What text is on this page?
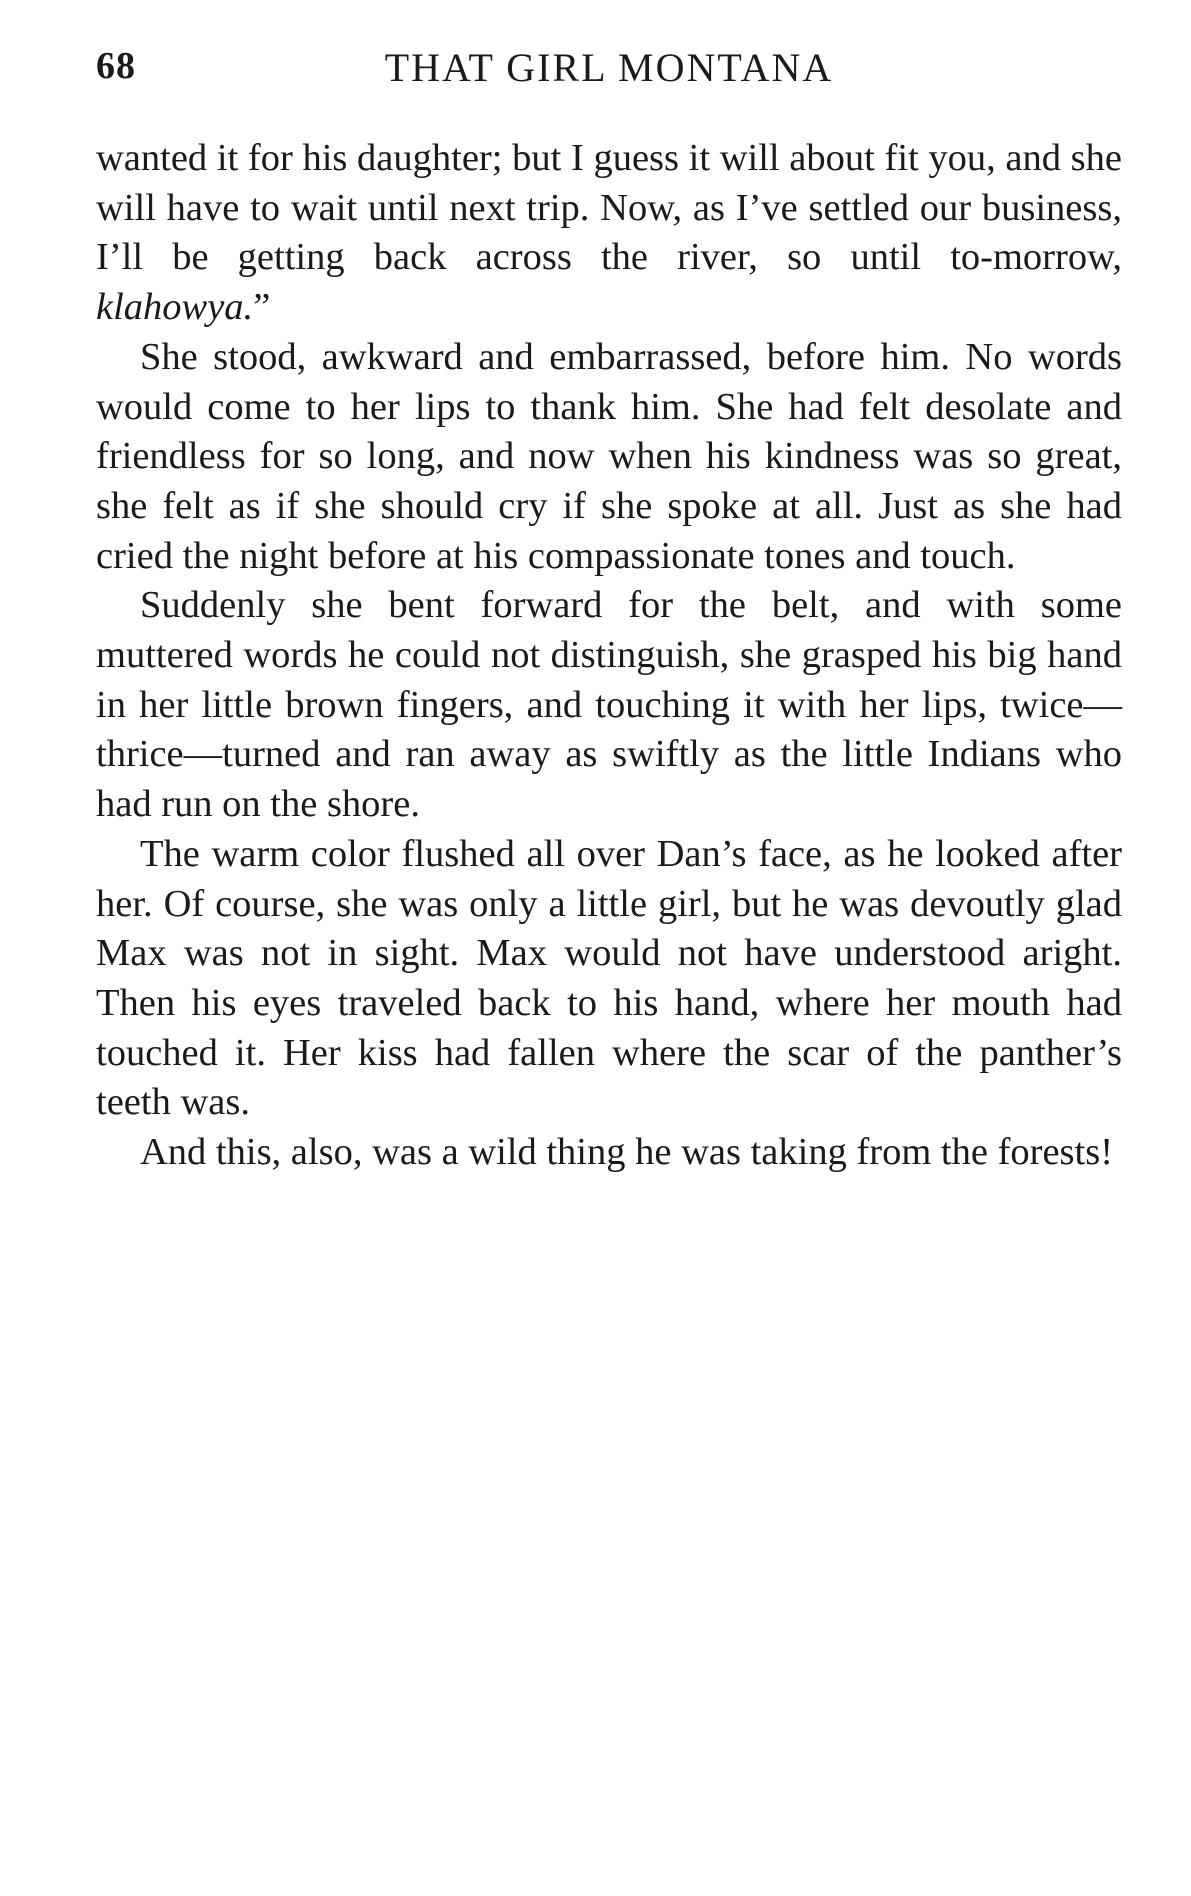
68	THAT GIRL MONTANA

wanted it for his daughter; but I guess it will about fit you, and she will have to wait until next trip. Now, as I’ve settled our business, I’ll be getting back across the river, so until to-morrow, klahowya.”

She stood, awkward and embarrassed, before him. No words would come to her lips to thank him. She had felt desolate and friendless for so long, and now when his kindness was so great, she felt as if she should cry if she spoke at all. Just as she had cried the night before at his compassionate tones and touch.

Suddenly she bent forward for the belt, and with some muttered words he could not distinguish, she grasped his big hand in her little brown fingers, and touching it with her lips, twice—thrice—turned and ran away as swiftly as the little Indians who had run on the shore.

The warm color flushed all over Dan’s face, as he looked after her. Of course, she was only a little girl, but he was devoutly glad Max was not in sight. Max would not have understood aright. Then his eyes traveled back to his hand, where her mouth had touched it. Her kiss had fallen where the scar of the panther’s teeth was.

And this, also, was a wild thing he was taking from the forests!
